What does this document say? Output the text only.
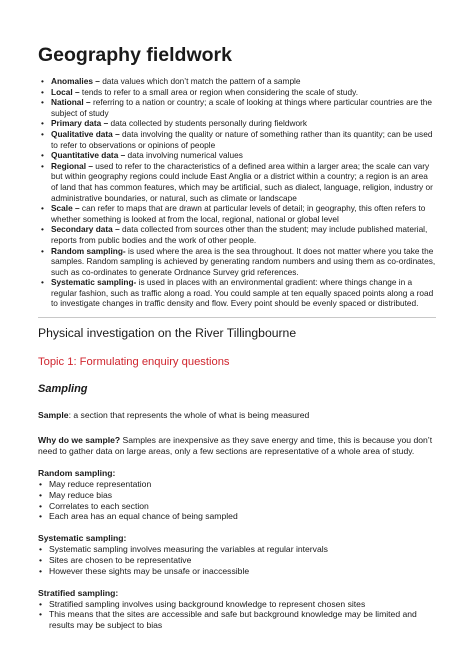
Geography fieldwork
• Anomalies – data values which don’t match the pattern of a sample
• Local – tends to refer to a small area or region when considering the scale of study.
• National – referring to a nation or country; a scale of looking at things where particular countries are the subject of study
• Primary data – data collected by students personally during fieldwork
• Qualitative data – data involving the quality or nature of something rather than its quantity; can be used to refer to observations or opinions of people
• Quantitative data – data involving numerical values
• Regional – used to refer to the characteristics of a defined area within a larger area; the scale can vary but within geography regions could include East Anglia or a district within a country; a region is an area of land that has common features, which may be artificial, such as dialect, language, religion, industry or administrative boundaries, or natural, such as climate or landscape
• Scale – can refer to maps that are drawn at particular levels of detail; in geography, this often refers to whether something is looked at from the local, regional, national or global level
• Secondary data – data collected from sources other than the student; may include published material, reports from public bodies and the work of other people.
• Random sampling- is used where the area is the sea throughout. It does not matter where you take the samples. Random sampling is achieved by generating random numbers and using them as co-ordinates, such as co-ordinates to generate Ordnance Survey grid references.
• Systematic sampling- is used in places with an environmental gradient: where things change in a regular fashion, such as traffic along a road. You could sample at ten equally spaced points along a road to investigate changes in traffic density and flow. Every point should be evenly spaced or distributed.
Physical investigation on the River Tillingbourne
Topic 1: Formulating enquiry questions
Sampling

Sample: a section that represents the whole of what is being measured

Why do we sample? Samples are inexpensive as they save energy and time, this is because you don’t need to gather data on large areas, only a few sections are representative of a whole area of study.

Random sampling:
• May reduce representation
• May reduce bias
• Correlates to each section
• Each area has an equal chance of being sampled
Systematic sampling:
• Systematic sampling involves measuring the variables at regular intervals
• Sites are chosen to be representative
• However these sights may be unsafe or inaccessible
Stratified sampling:
• Stratified sampling involves using background knowledge to represent chosen sites
• This means that the sites are accessible and safe but background knowledge may be limited and results may be subject to bias
